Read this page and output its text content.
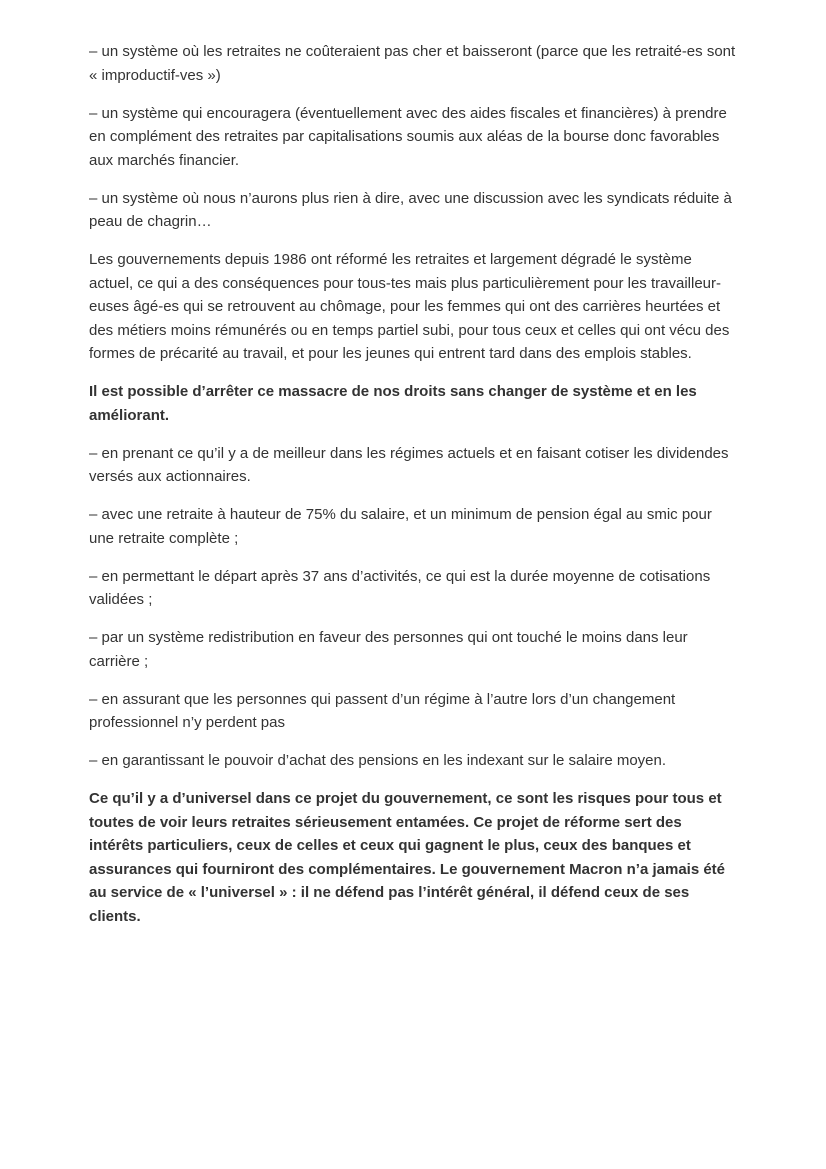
– un système où les retraites ne coûteraient pas cher et baisseront (parce que les retraité-es sont « improductif-ves »)

– un système qui encouragera (éventuellement avec des aides fiscales et financières) à prendre en complément des retraites par capitalisations soumis aux aléas de la bourse donc favorables aux marchés financier.

– un système où nous n’aurons plus rien à dire, avec une discussion avec les syndicats réduite à peau de chagrin…

Les gouvernements depuis 1986 ont réformé les retraites et largement dégradé le système actuel, ce qui a des conséquences pour tous-tes mais plus particulièrement pour les travailleur-euses âgé-es qui se retrouvent au chômage, pour les femmes qui ont des carrières heurtées et des métiers moins rémunérés ou en temps partiel subi, pour tous ceux et celles qui ont vécu des formes de précarité au travail, et pour les jeunes qui entrent tard dans des emplois stables.

Il est possible d’arrêter ce massacre de nos droits sans changer de système et en les améliorant.

– en prenant ce qu’il y a de meilleur dans les régimes actuels et en faisant cotiser les dividendes versés aux actionnaires.

– avec une retraite à hauteur de 75% du salaire, et un minimum de pension égal au smic pour une retraite complète ;

– en permettant le départ après 37 ans d’activités, ce qui est la durée moyenne de cotisations validées ;

– par un système redistribution en faveur des personnes qui ont touché le moins dans leur carrière ;

– en assurant que les personnes qui passent d’un régime à l’autre lors d’un changement professionnel n’y perdent pas

– en garantissant le pouvoir d’achat des pensions en les indexant sur le salaire moyen.

Ce qu’il y a d’universel dans ce projet du gouvernement, ce sont les risques pour tous et toutes de voir leurs retraites sérieusement entamées. Ce projet de réforme sert des intérêts particuliers, ceux de celles et ceux qui gagnent le plus, ceux des banques et assurances qui fourniront des complémentaires. Le gouvernement Macron n’a jamais été au service de « l’universel » : il ne défend pas l’intérêt général, il défend ceux de ses clients.
